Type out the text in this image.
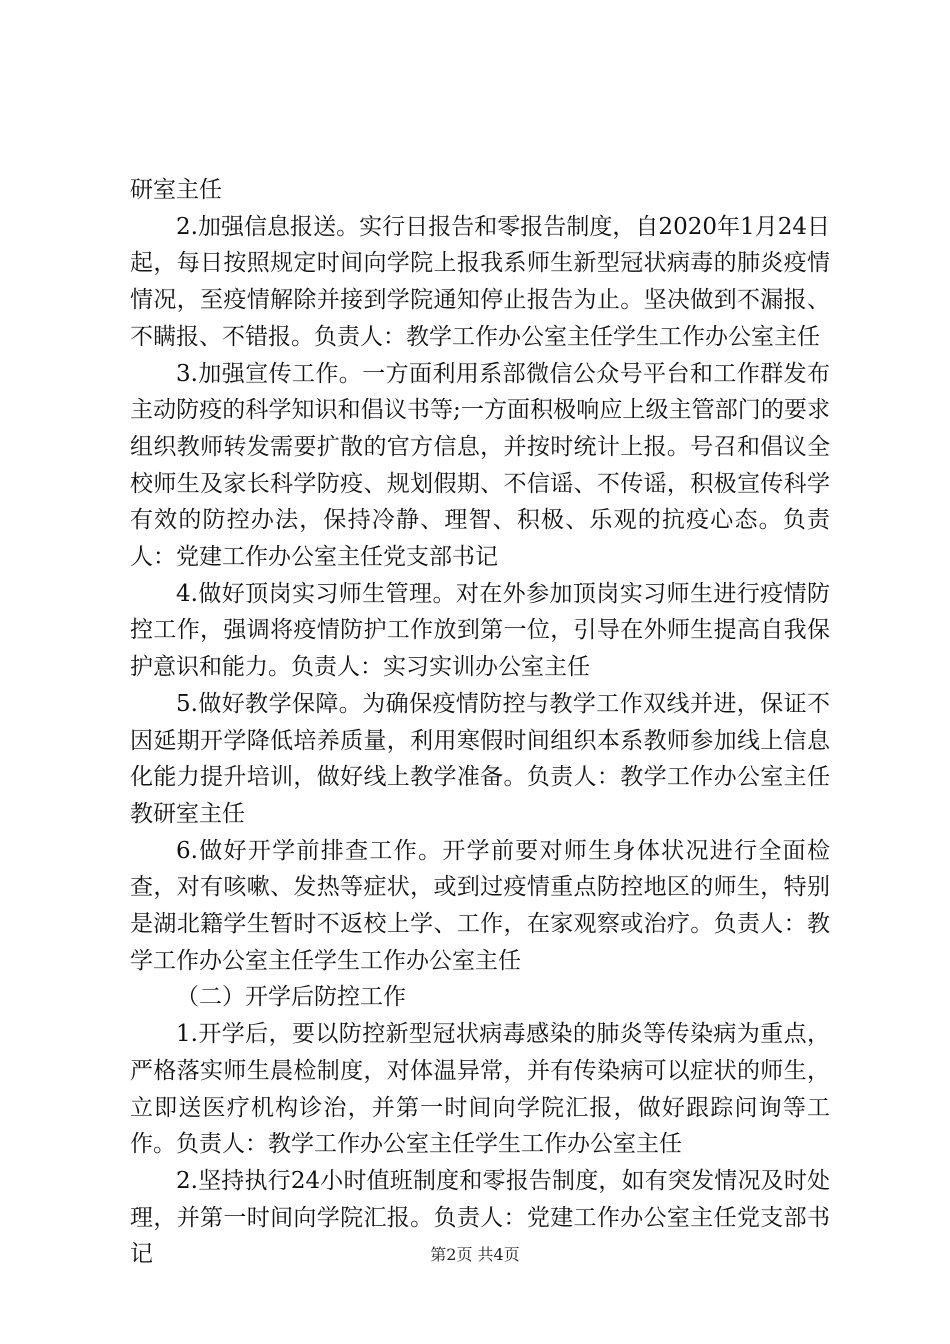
研室主任

2.加强信息报送。实行日报告和零报告制度，自2020年1月24日起，每日按照规定时间向学院上报我系师生新型冠状病毒的肺炎疫情情况，至疫情解除并接到学院通知停止报告为止。坚决做到不漏报、不瞒报、不错报。负责人：教学工作办公室主任学生工作办公室主任

3.加强宣传工作。一方面利用系部微信公众号平台和工作群发布主动防疫的科学知识和倡议书等;一方面积极响应上级主管部门的要求组织教师转发需要扩散的官方信息，并按时统计上报。号召和倡议全校师生及家长科学防疫、规划假期、不信谣、不传谣，积极宣传科学有效的防控办法，保持冷静、理智、积极、乐观的抗疫心态。负责人：党建工作办公室主任党支部书记

4.做好顶岗实习师生管理。对在外参加顶岗实习师生进行疫情防控工作，强调将疫情防护工作放到第一位，引导在外师生提高自我保护意识和能力。负责人：实习实训办公室主任

5.做好教学保障。为确保疫情防控与教学工作双线并进，保证不因延期开学降低培养质量，利用寒假时间组织本系教师参加线上信息化能力提升培训，做好线上教学准备。负责人：教学工作办公室主任教研室主任

6.做好开学前排查工作。开学前要对师生身体状况进行全面检查，对有咳嗽、发热等症状，或到过疫情重点防控地区的师生，特别是湖北籍学生暂时不返校上学、工作，在家观察或治疗。负责人：教学工作办公室主任学生工作办公室主任

（二）开学后防控工作

1.开学后，要以防控新型冠状病毒感染的肺炎等传染病为重点，严格落实师生晨检制度，对体温异常，并有传染病可以症状的师生，立即送医疗机构诊治，并第一时间向学院汇报，做好跟踪问询等工作。负责人：教学工作办公室主任学生工作办公室主任

2.坚持执行24小时值班制度和零报告制度，如有突发情况及时处理，并第一时间向学院汇报。负责人：党建工作办公室主任党支部书记	第2页 共4页
